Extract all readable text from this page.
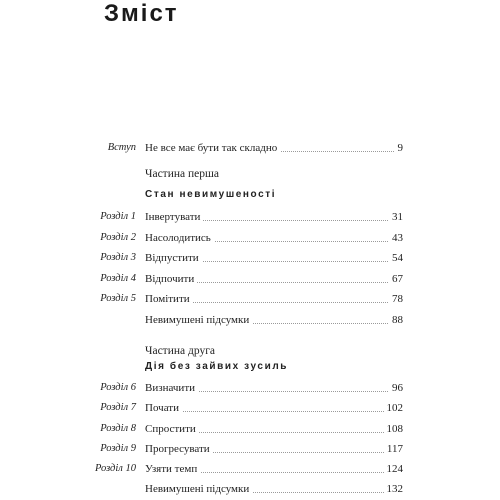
Зміст
Вступ Не все має бути так складно	9
Частина перша
Стан невимушеності
Розділ 1 Інвертувати	31
Розділ 2 Насолодитись	43
Розділ 3 Відпустити	54
Розділ 4 Відпочити	67
Розділ 5 Помітити	78
Невимушені підсумки	88
Частина друга
Дія без зайвих зусиль
Розділ 6 Визначити	96
Розділ 7 Почати	102
Розділ 8 Спростити	108
Розділ 9 Прогресувати	117
Розділ 10 Узяти темп	124
Невимушені підсумки	132
